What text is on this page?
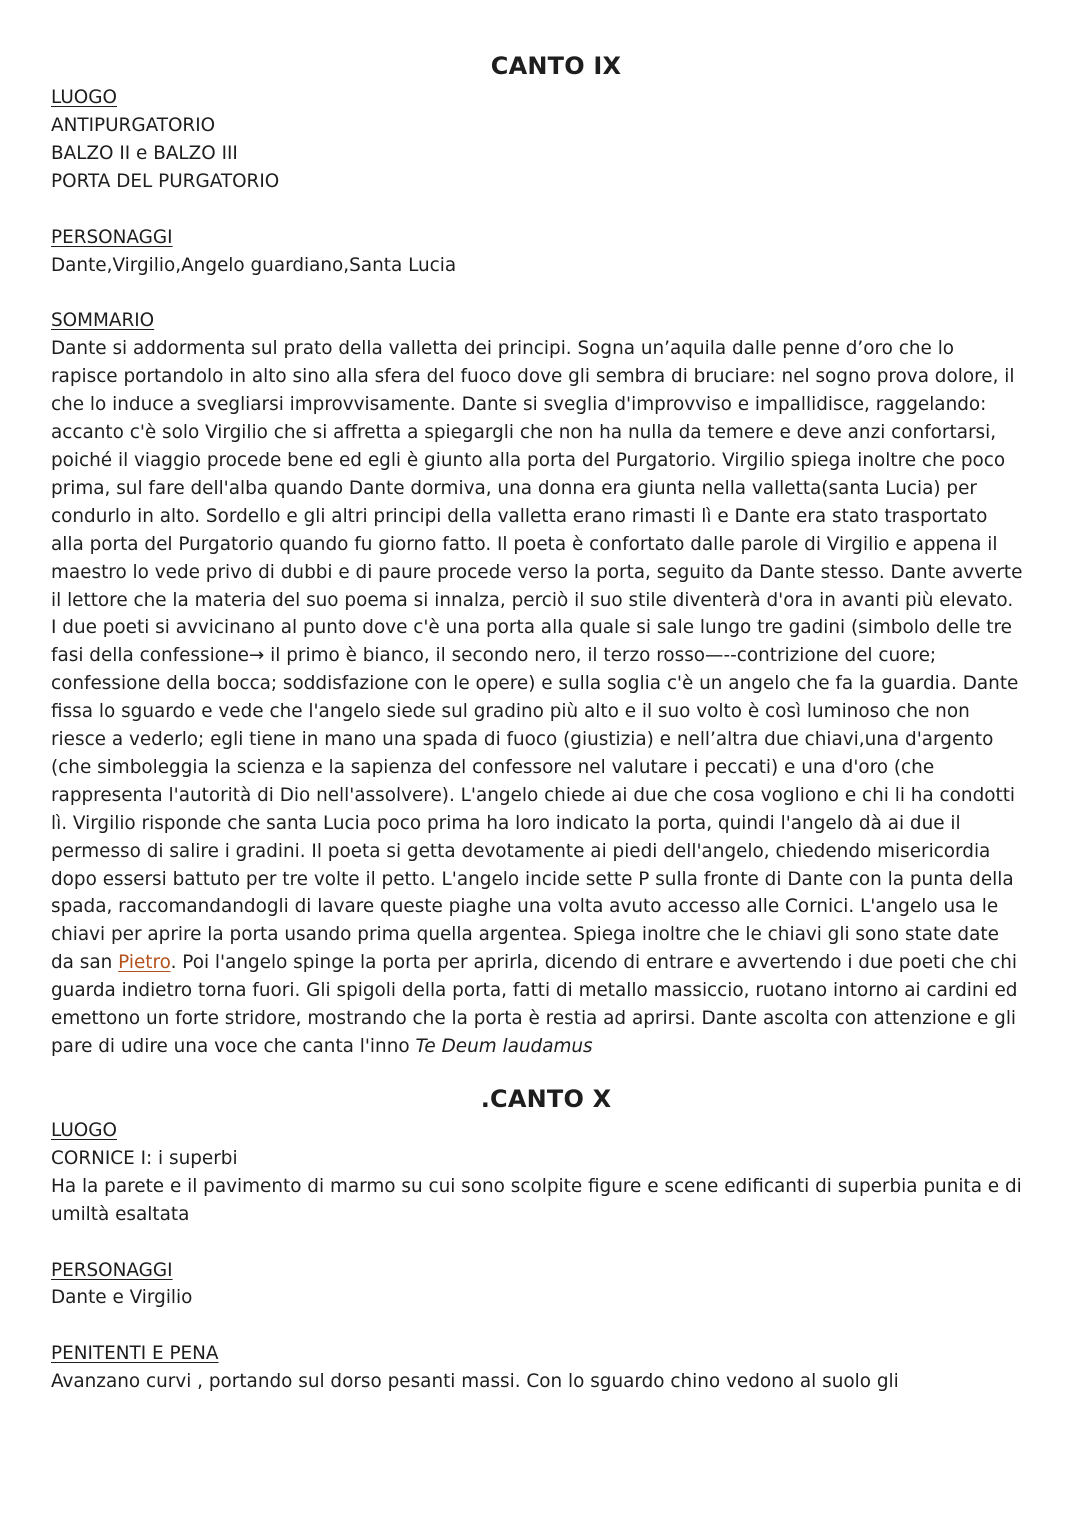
CANTO IX
LUOGO
ANTIPURGATORIO
BALZO II e BALZO III
PORTA DEL PURGATORIO
PERSONAGGI
Dante,Virgilio,Angelo guardiano,Santa Lucia
SOMMARIO

Dante si addormenta sul prato della valletta dei principi. Sogna un’aquila dalle penne d’oro che lo rapisce portandolo in alto sino alla sfera del fuoco dove gli sembra di bruciare: nel sogno prova dolore, il che lo induce a svegliarsi improvvisamente. Dante si sveglia d'improvviso e impallidisce, raggelando: accanto c'è solo Virgilio che si affretta a spiegargli che non ha nulla da temere e deve anzi confortarsi, poiché il viaggio procede bene ed egli è giunto alla porta del Purgatorio. Virgilio spiega inoltre che poco prima, sul fare dell'alba quando Dante dormiva, una donna era giunta nella valletta(santa Lucia) per condurlo in alto. Sordello e gli altri principi della valletta erano rimasti lì e Dante era stato trasportato alla porta del Purgatorio quando fu giorno fatto. Il poeta è confortato dalle parole di Virgilio e appena il maestro lo vede privo di dubbi e di paure procede verso la porta, seguito da Dante stesso. Dante avverte il lettore che la materia del suo poema si innalza, perciò il suo stile diventerà d'ora in avanti più elevato. I due poeti si avvicinano al punto dove c'è una porta alla quale si sale lungo tre gadini (simbolo delle tre fasi della confessione→ il primo è bianco, il secondo nero, il terzo rosso—--contrizione del cuore; confessione della bocca; soddisfazione con le opere) e sulla soglia c'è un angelo che fa la guardia. Dante fissa lo sguardo e vede che l'angelo siede sul gradino più alto e il suo volto è così luminoso che non riesce a vederlo; egli tiene in mano una spada di fuoco (giustizia) e nell’altra due chiavi,una d'argento (che simboleggia la scienza e la sapienza del confessore nel valutare i peccati) e una d'oro (che rappresenta l'autorità di Dio nell'assolvere). L'angelo chiede ai due che cosa vogliono e chi li ha condotti lì. Virgilio risponde che santa Lucia poco prima ha loro indicato la porta, quindi l'angelo dà ai due il permesso di salire i gradini. Il poeta si getta devotamente ai piedi dell'angelo, chiedendo misericordia dopo essersi battuto per tre volte il petto. L'angelo incide sette P sulla fronte di Dante con la punta della spada, raccomandandogli di lavare queste piaghe una volta avuto accesso alle Cornici. L'angelo usa le chiavi per aprire la porta usando prima quella argentea. Spiega inoltre che le chiavi gli sono state date da san Pietro. Poi l'angelo spinge la porta per aprirla, dicendo di entrare e avvertendo i due poeti che chi guarda indietro torna fuori. Gli spigoli della porta, fatti di metallo massiccio, ruotano intorno ai cardini ed emettono un forte stridore, mostrando che la porta è restia ad aprirsi. Dante ascolta con attenzione e gli pare di udire una voce che canta l'inno Te Deum laudamus

.CANTO X
LUOGO
CORNICE I: i superbi
Ha la parete e il pavimento di marmo su cui sono scolpite figure e scene edificanti di superbia punita e di umiltà esaltata
PERSONAGGI
Dante e Virgilio
PENITENTI E PENA
Avanzano curvi , portando sul dorso pesanti massi. Con lo sguardo chino vedono al suolo gli
